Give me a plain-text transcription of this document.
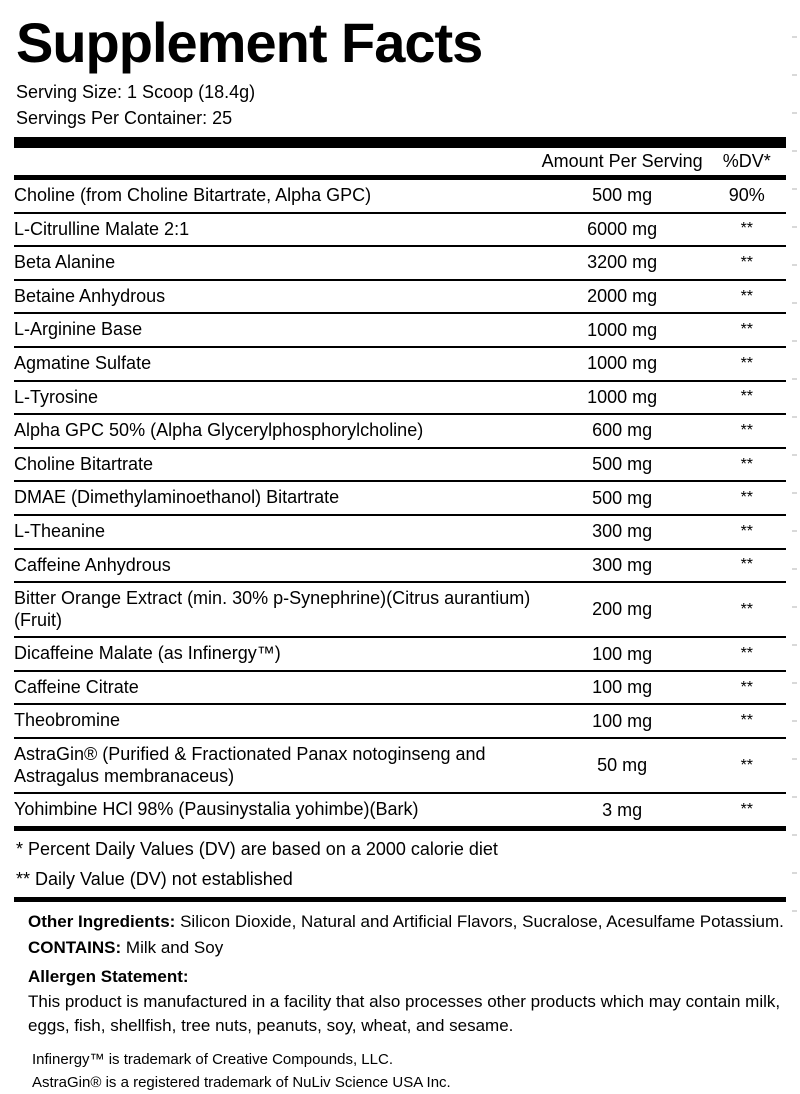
Supplement Facts
Serving Size: 1 Scoop (18.4g)
Servings Per Container: 25
	Amount Per Serving	%DV*
Choline (from Choline Bitartrate, Alpha GPC)	500 mg	90%
L-Citrulline Malate 2:1	6000 mg	**
Beta Alanine	3200 mg	**
Betaine Anhydrous	2000 mg	**
L-Arginine Base	1000 mg	**
Agmatine Sulfate	1000 mg	**
L-Tyrosine	1000 mg	**
Alpha GPC 50% (Alpha Glycerylphosphorylcholine)	600 mg	**
Choline Bitartrate	500 mg	**
DMAE (Dimethylaminoethanol) Bitartrate	500 mg	**
L-Theanine	300 mg	**
Caffeine Anhydrous	300 mg	**
Bitter Orange Extract (min. 30% p-Synephrine)(Citrus aurantium)(Fruit)	200 mg	**
Dicaffeine Malate (as Infinergy™)	100 mg	**
Caffeine Citrate	100 mg	**
Theobromine	100 mg	**
AstraGin® (Purified & Fractionated Panax notoginseng and Astragalus membranaceus)	50 mg	**
Yohimbine HCl 98% (Pausinystalia yohimbe)(Bark)	3 mg	**
* Percent Daily Values (DV) are based on a 2000 calorie diet
** Daily Value (DV) not established
Other Ingredients: Silicon Dioxide, Natural and Artificial Flavors, Sucralose, Acesulfame Potassium.
CONTAINS: Milk and Soy
Allergen Statement:
This product is manufactured in a facility that also processes other products which may contain milk, eggs, fish, shellfish, tree nuts, peanuts, soy, wheat, and sesame.
Infinergy™ is trademark of Creative Compounds, LLC.
AstraGin® is a registered trademark of NuLiv Science USA Inc.
